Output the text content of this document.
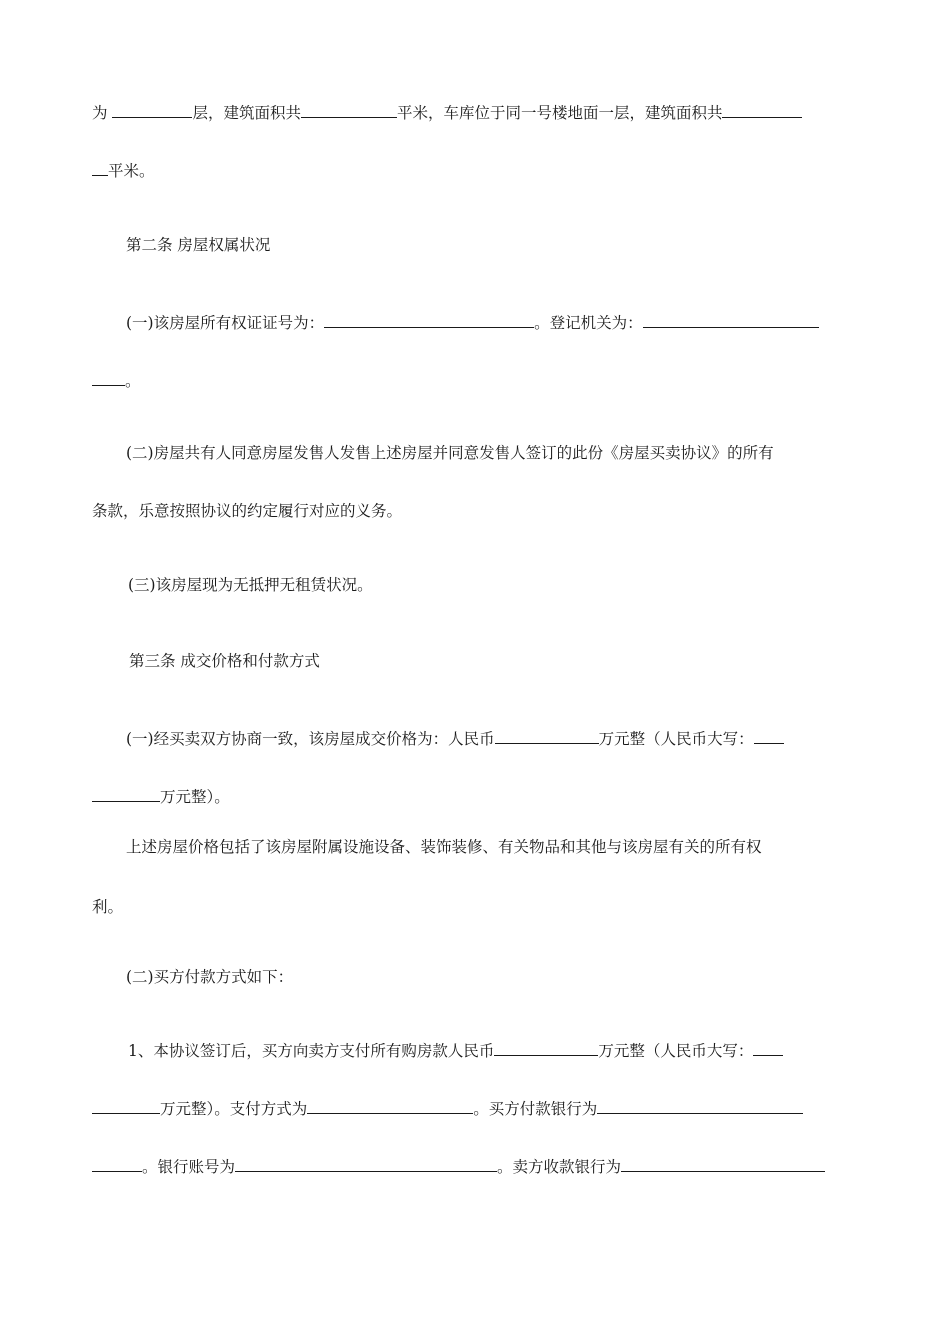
为	层，建筑面积共	平米，车库位于同一号楼地面一层，建筑面积共
平米。
第二条 房屋权属状况
(一)该房屋所有权证证号为：	。登记机关为：
。
(二)房屋共有人同意房屋发售人发售上述房屋并同意发售人签订的此份《房屋买卖协议》的所有
条款，乐意按照协议的约定履行对应的义务。
(三)该房屋现为无抵押无租赁状况。
第三条 成交价格和付款方式
(一)经买卖双方协商一致，该房屋成交价格为：人民币	万元整（人民币大写：
万元整）。
上述房屋价格包括了该房屋附属设施设备、装饰装修、有关物品和其他与该房屋有关的所有权
利。
(二)买方付款方式如下：
1、本协议签订后，买方向卖方支付所有购房款人民币	万元整（人民币大写：
万元整）。支付方式为	。买方付款银行为
。银行账号为	。卖方收款银行为
